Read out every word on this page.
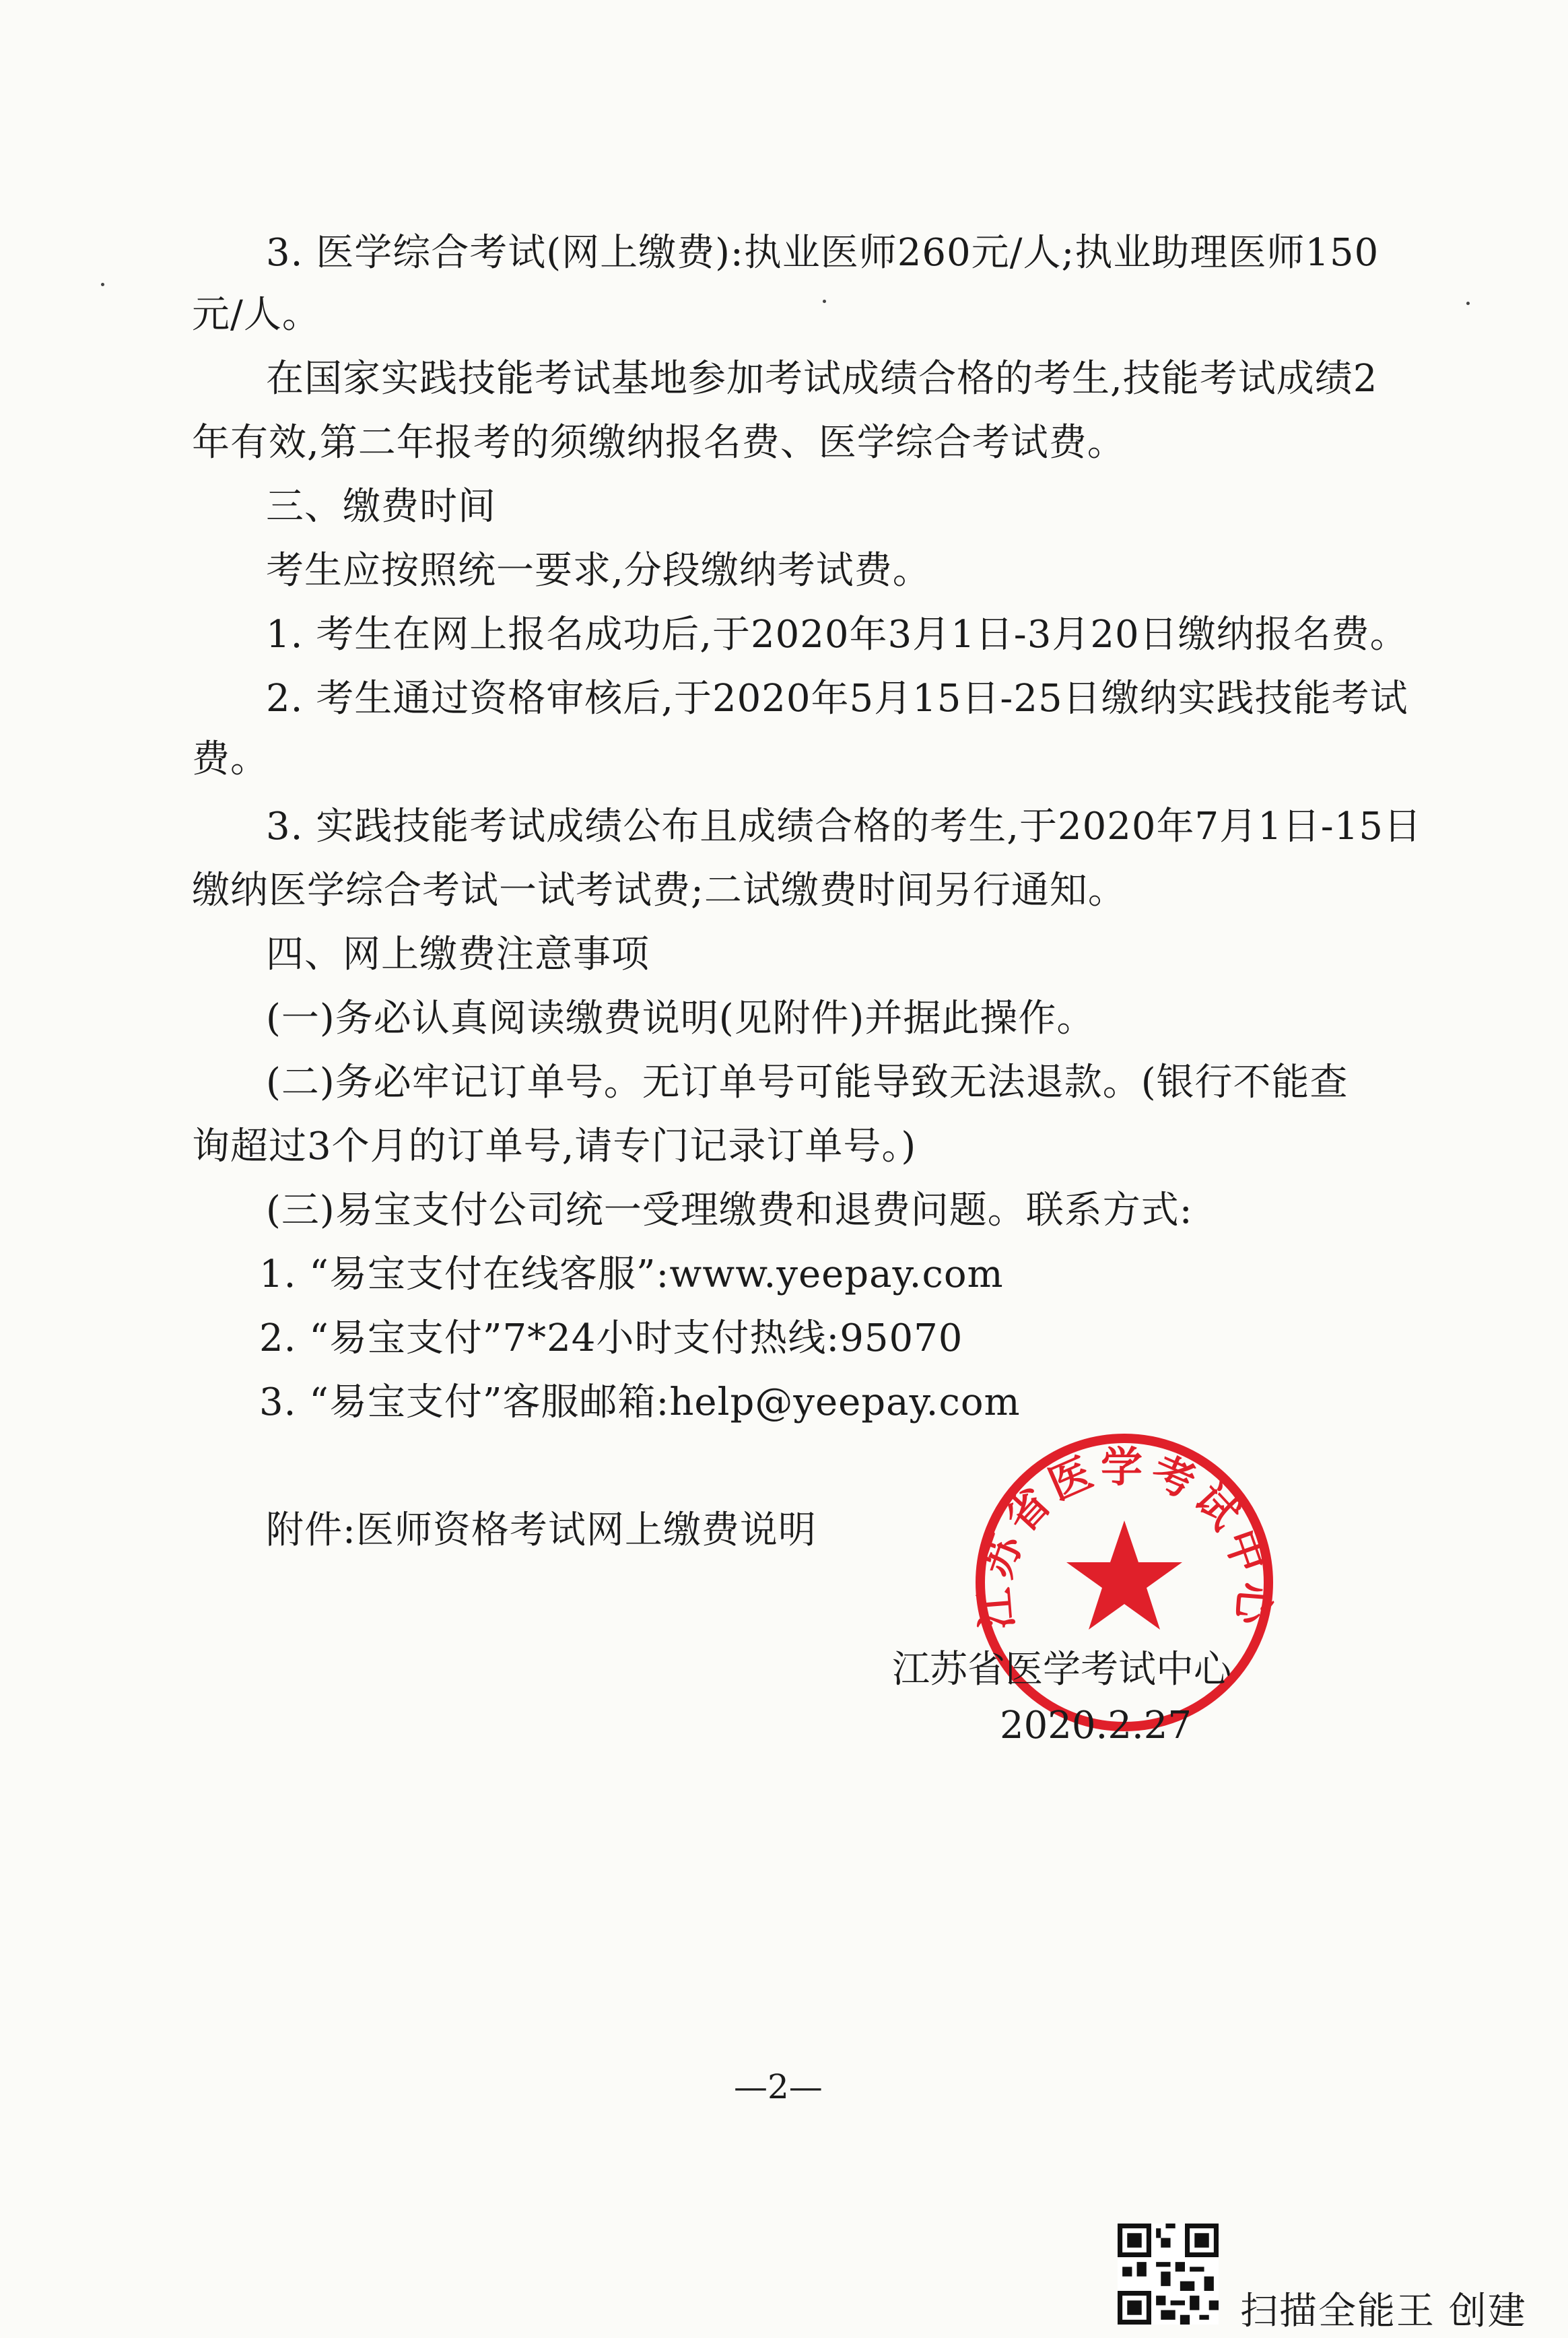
3. 医学综合考试(网上缴费):执业医师260元/人;执业助理医师150
元/人。
在国家实践技能考试基地参加考试成绩合格的考生,技能考试成绩2
年有效,第二年报考的须缴纳报名费、医学综合考试费。
三、缴费时间
考生应按照统一要求,分段缴纳考试费。
1. 考生在网上报名成功后,于2020年3月1日-3月20日缴纳报名费。
2. 考生通过资格审核后,于2020年5月15日-25日缴纳实践技能考试
费。
3. 实践技能考试成绩公布且成绩合格的考生,于2020年7月1日-15日
缴纳医学综合考试一试考试费;二试缴费时间另行通知。
四、网上缴费注意事项
(一)务必认真阅读缴费说明(见附件)并据此操作。
(二)务必牢记订单号。无订单号可能导致无法退款。(银行不能查
询超过3个月的订单号,请专门记录订单号。)
(三)易宝支付公司统一受理缴费和退费问题。联系方式:
1. “易宝支付在线客服”:www.yeepay.com
2. “易宝支付”7*24小时支付热线:95070
3. “易宝支付”客服邮箱:help@yeepay.com
附件:医师资格考试网上缴费说明
江苏省医学考试中心
江苏省医学考试中心
2020.2.27
—2—
扫描全能王 创建
